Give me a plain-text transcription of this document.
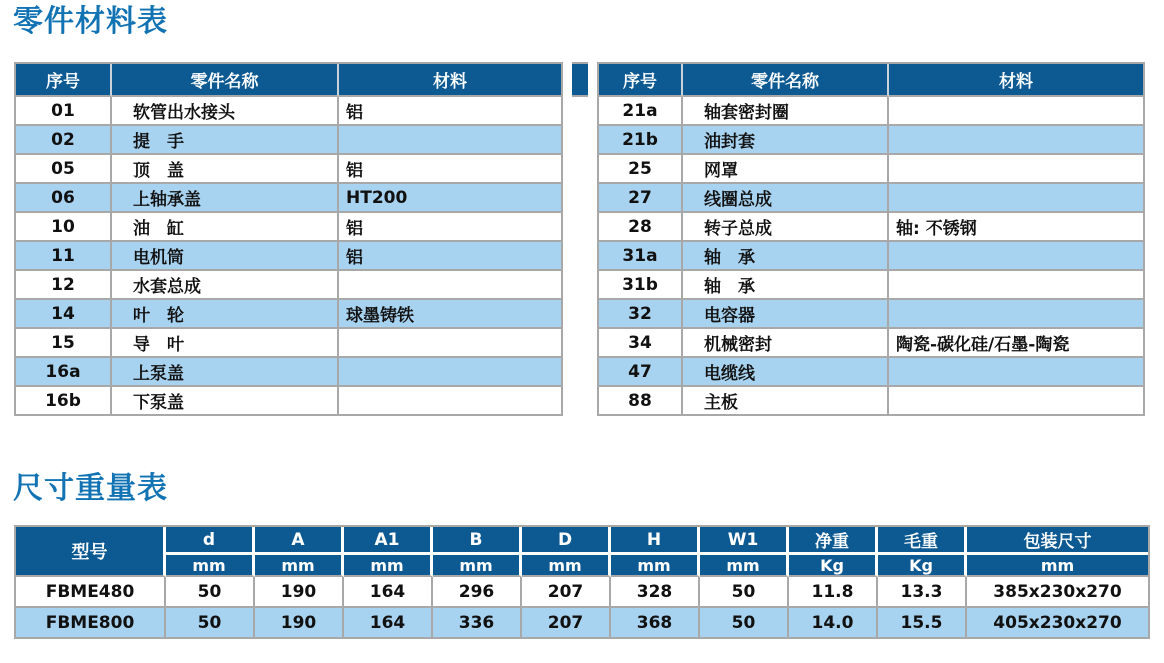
零件材料表
序号	零件名称	材料
01	软管出水接头	铝
02	提　手	
05	顶　盖	铝
06	上轴承盖	HT200
10	油　缸	铝
11	电机筒	铝
12	水套总成	
14	叶　轮	球墨铸铁
15	导　叶	
16a	上泵盖	
16b	下泵盖	
序号	零件名称	材料
21a	轴套密封圈	
21b	油封套	
25	网罩	
27	线圈总成	
28	转子总成	轴: 不锈钢
31a	轴　承	
31b	轴　承	
32	电容器	
34	机械密封	陶瓷-碳化硅/石墨-陶瓷
47	电缆线	
88	主板	
尺寸重量表
型号	d	A	A1	B	D	H	W1	净重	毛重	包装尺寸
	mm	mm	mm	mm	mm	mm	mm	Kg	Kg	mm
FBME480	50	190	164	296	207	328	50	11.8	13.3	385x230x270
FBME800	50	190	164	336	207	368	50	14.0	15.5	405x230x270
